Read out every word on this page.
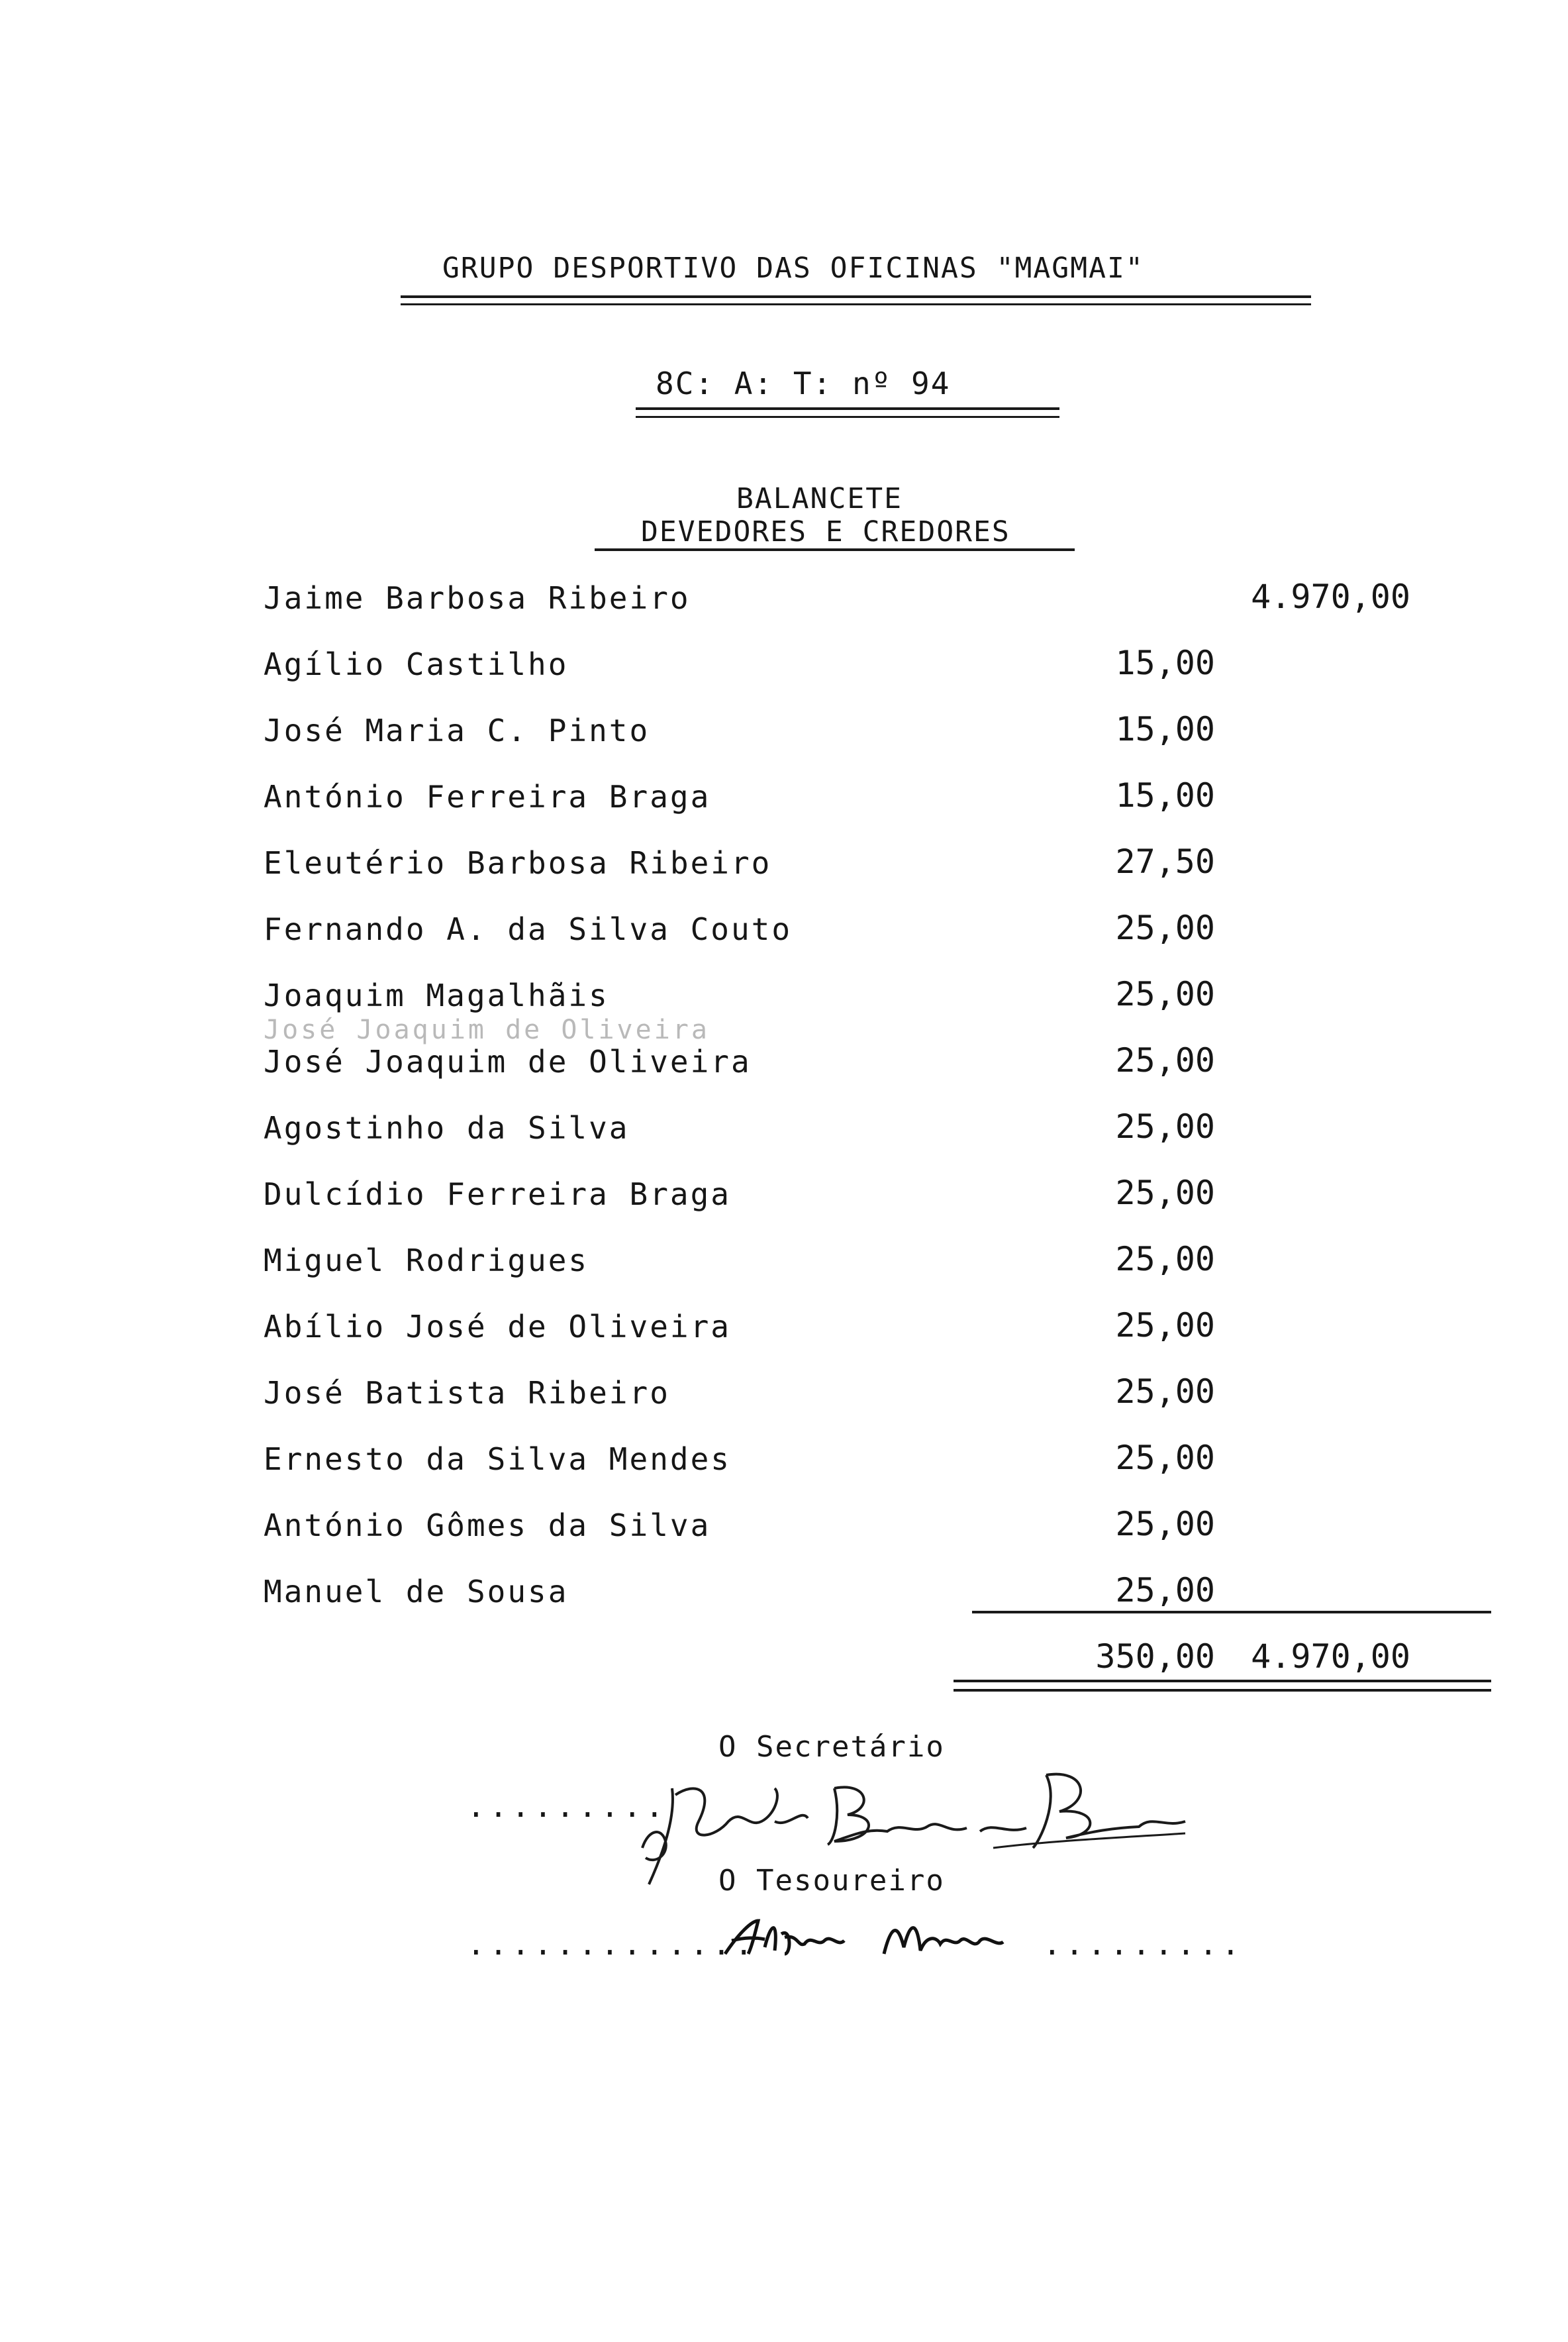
GRUPO DESPORTIVO DAS OFICINAS "MAGMAI"
8C: A: T: nº 94
BALANCETE
DEVEDORES E CREDORES
Jaime Barbosa Ribeiro	4.970,00
Agílio Castilho	15,00
José Maria C. Pinto	15,00
António Ferreira Braga	15,00
Eleutério Barbosa Ribeiro	27,50
Fernando A. da Silva Couto	25,00
Joaquim Magalhãis	25,00
José Joaquim de Oliveira
José Joaquim de Oliveira	25,00
Agostinho da Silva	25,00
Dulcídio Ferreira Braga	25,00
Miguel Rodrigues	25,00
Abílio José de Oliveira	25,00
José Batista Ribeiro	25,00
Ernesto da Silva Mendes	25,00
António Gômes da Silva	25,00
Manuel de Sousa	25,00
350,00	4.970,00
O Secretário
.........
O Tesoureiro
.............	.........
